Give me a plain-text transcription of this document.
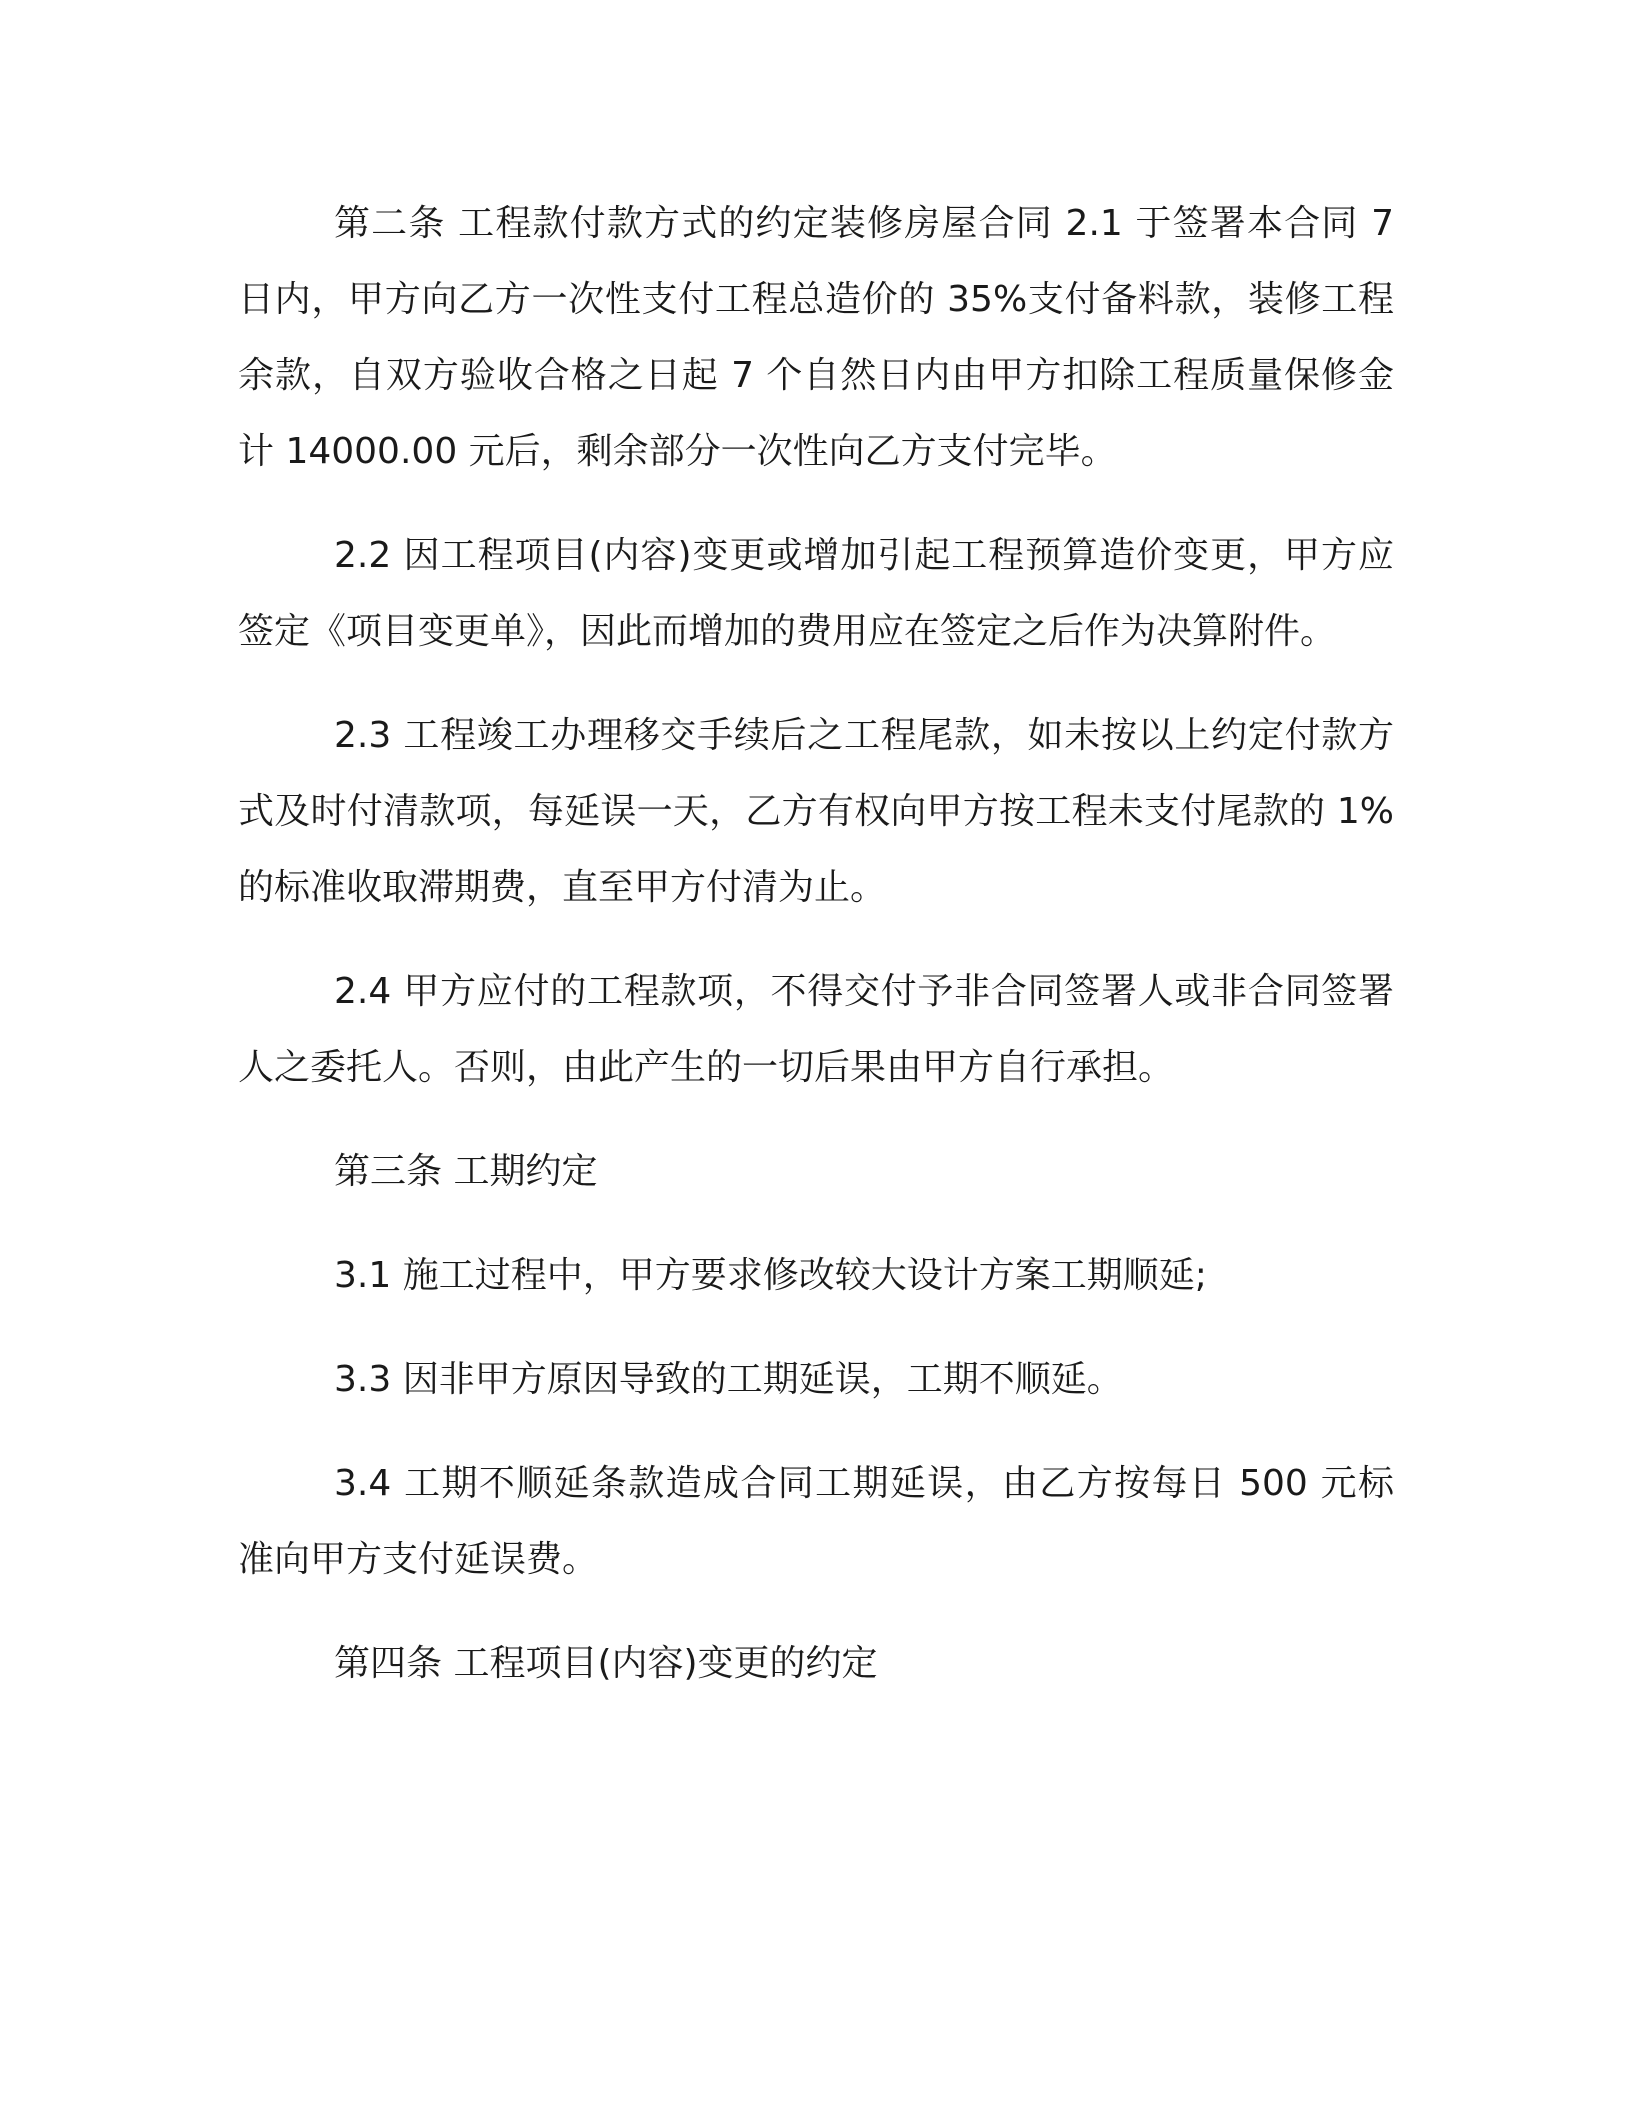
第二条 工程款付款方式的约定装修房屋合同 2.1 于签署本合同 7 日内，甲方向乙方一次性支付工程总造价的 35%支付备料款，装修工程余款，自双方验收合格之日起 7 个自然日内由甲方扣除工程质量保修金计 14000.00 元后，剩余部分一次性向乙方支付完毕。

2.2 因工程项目(内容)变更或增加引起工程预算造价变更，甲方应签定《项目变更单》，因此而增加的费用应在签定之后作为决算附件。

2.3 工程竣工办理移交手续后之工程尾款，如未按以上约定付款方式及时付清款项，每延误一天，乙方有权向甲方按工程未支付尾款的 1%的标准收取滞期费，直至甲方付清为止。

2.4 甲方应付的工程款项，不得交付予非合同签署人或非合同签署人之委托人。否则，由此产生的一切后果由甲方自行承担。

第三条 工期约定

3.1 施工过程中，甲方要求修改较大设计方案工期顺延;

3.3 因非甲方原因导致的工期延误，工期不顺延。

3.4 工期不顺延条款造成合同工期延误，由乙方按每日 500 元标准向甲方支付延误费。

第四条 工程项目(内容)变更的约定
